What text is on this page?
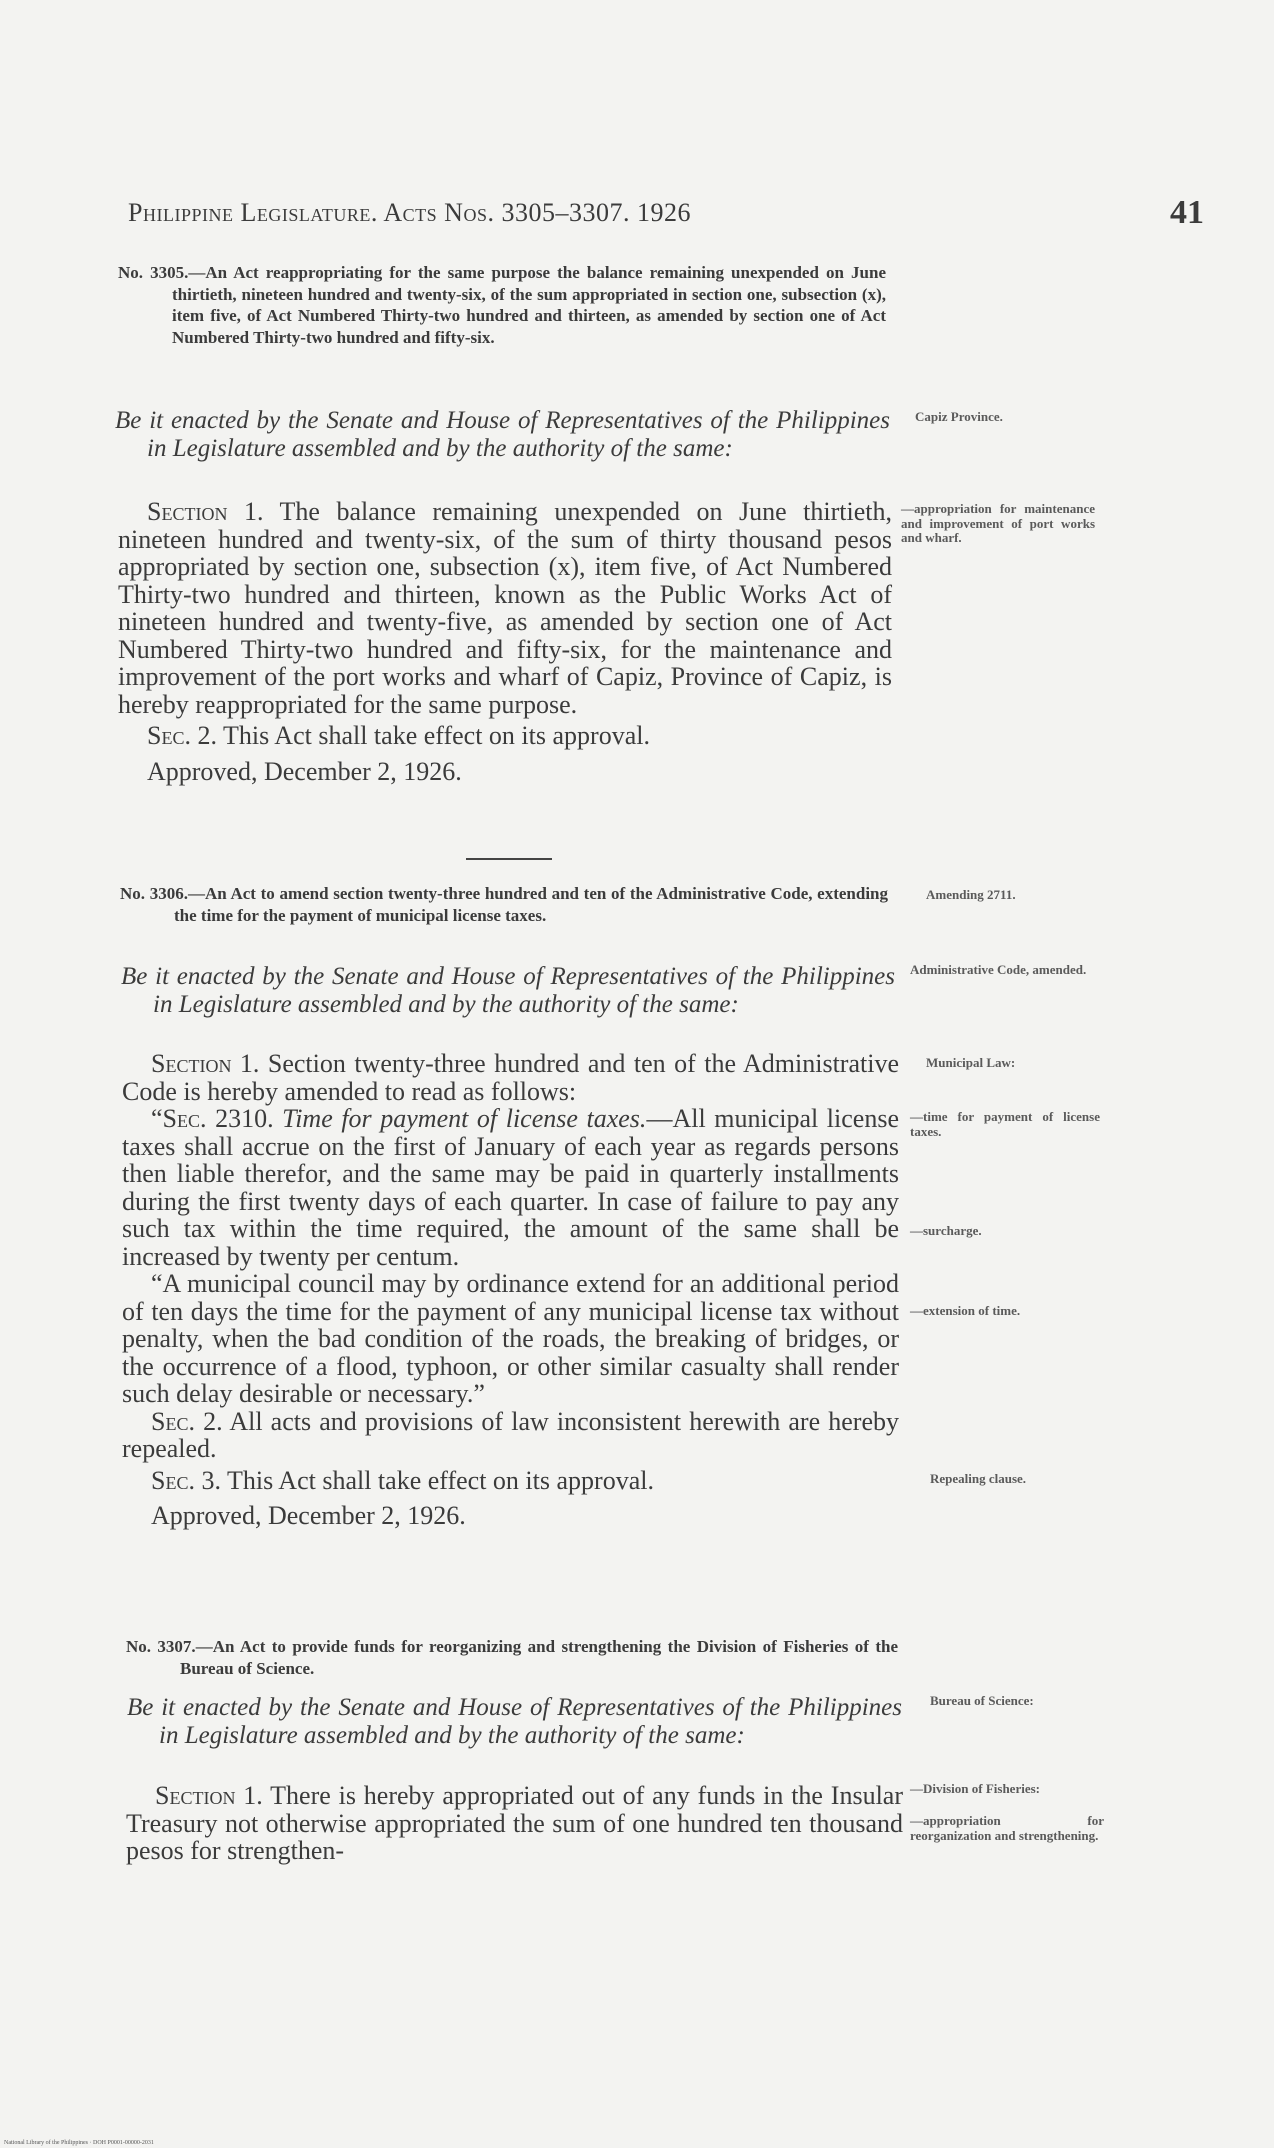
Philippine Legislature. Acts Nos. 3305–3307. 1926	41
No. 3305.—An Act reappropriating for the same purpose the balance remaining unexpended on June thirtieth, nineteen hundred and twenty-six, of the sum appropriated in section one, subsection (x), item five, of Act Numbered Thirty-two hundred and thirteen, as amended by section one of Act Numbered Thirty-two hundred and fifty-six.
Be it enacted by the Senate and House of Representatives of the Philippines in Legislature assembled and by the authority of the same:

Section 1. The balance remaining unexpended on June thirtieth, nineteen hundred and twenty-six, of the sum of thirty thousand pesos appropriated by section one, subsection (x), item five, of Act Numbered Thirty-two hundred and thirteen, known as the Public Works Act of nineteen hundred and twenty-five, as amended by section one of Act Numbered Thirty-two hundred and fifty-six, for the maintenance and improvement of the port works and wharf of Capiz, Province of Capiz, is hereby reappropriated for the same purpose.

Sec. 2. This Act shall take effect on its approval.

Approved, December 2, 1926.

Capiz Province.
—appropriation for maintenance and improvement of port works and wharf.
No. 3306.—An Act to amend section twenty-three hundred and ten of the Administrative Code, extending the time for the payment of municipal license taxes.
Be it enacted by the Senate and House of Representatives of the Philippines in Legislature assembled and by the authority of the same:

Section 1. Section twenty-three hundred and ten of the Administrative Code is hereby amended to read as follows:

“Sec. 2310. Time for payment of license taxes.—All municipal license taxes shall accrue on the first of January of each year as regards persons then liable therefor, and the same may be paid in quarterly installments during the first twenty days of each quarter. In case of failure to pay any such tax within the time required, the amount of the same shall be increased by twenty per centum.

“A municipal council may by ordinance extend for an additional period of ten days the time for the payment of any municipal license tax without penalty, when the bad condition of the roads, the breaking of bridges, or the occurrence of a flood, typhoon, or other similar casualty shall render such delay desirable or necessary.”

Sec. 2. All acts and provisions of law inconsistent herewith are hereby repealed.

Sec. 3. This Act shall take effect on its approval.

Approved, December 2, 1926.

Amending 2711.
Administrative Code, amended.
Municipal Law:
—time for payment of license taxes.
—surcharge.
—extension of time.
Repealing clause.
No. 3307.—An Act to provide funds for reorganizing and strengthening the Division of Fisheries of the Bureau of Science.
Be it enacted by the Senate and House of Representatives of the Philippines in Legislature assembled and by the authority of the same:

Section 1. There is hereby appropriated out of any funds in the Insular Treasury not otherwise appropriated the sum of one hundred ten thousand pesos for strengthen-

Bureau of Science:
—Division of Fisheries:
—appropriation for reorganization and strengthening.
National Library of the Philippines · DOH P0001-00000-2031
